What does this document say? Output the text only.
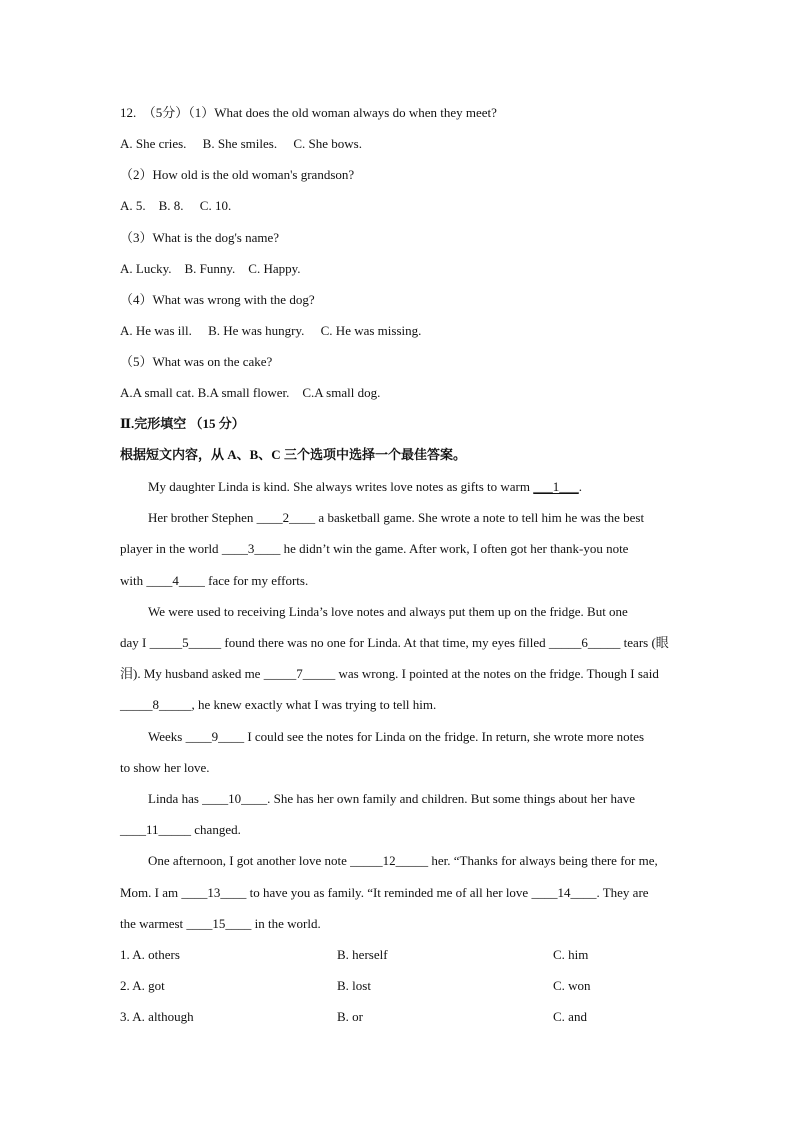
12.　（5分）（1）What does the old woman always do when they meet?
A. She cries.　 B. She smiles.　 C. She bows.
（2）How old is the old woman's grandson?
A. 5.　B. 8.　 C. 10.
（3）What is the dog's name?
A. Lucky.　B. Funny.　C. Happy.
（4）What was wrong with the dog?
A. He was ill.　 B. He was hungry.　 C. He was missing.
（5）What was on the cake?
A.A small cat. B.A small flower.　C.A small dog.
Ⅱ.完形填空 （15 分）
根据短文内容，从 A、B、C 三个选项中选择一个最佳答案。
My daughter Linda is kind. She always writes love notes as gifts to warm ___1___.
Her brother Stephen ____2____ a basketball game. She wrote a note to tell him he was the best
player in the world ____3____ he didn’t win the game. After work, I often got her thank-you note
with ____4____ face for my efforts.
We were used to receiving Linda’s love notes and always put them up on the fridge. But one
day I _____5_____ found there was no one for Linda. At that time, my eyes filled _____6_____ tears (眼
泪). My husband asked me _____7_____ was wrong. I pointed at the notes on the fridge. Though I said
_____8_____, he knew exactly what I was trying to tell him.
Weeks ____9____ I could see the notes for Linda on the fridge. In return, she wrote more notes
to show her love.
Linda has ____10____. She has her own family and children. But some things about her have
____11_____ changed.
One afternoon, I got another love note _____12_____ her. “Thanks for always being there for me,
Mom. I am ____13____ to have you as family. “It reminded me of all her love ____14____. They are
the warmest ____15____ in the world.
1. A. others	B. herself	C. him
2. A. got	B. lost	C. won
3. A. although	B. or	C. and
